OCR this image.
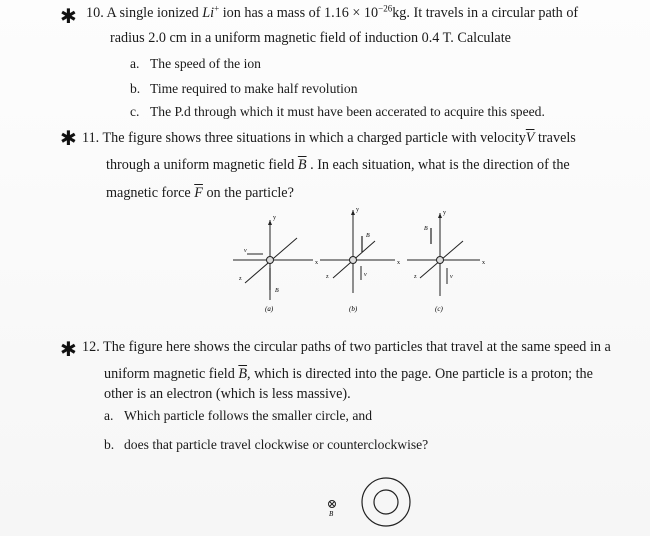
✱ 10. A single ionized Li+ ion has a mass of $1.16 \times 10^{-26}kg$. It travels in a circular path of
radius 2.0 cm in a uniform magnetic field of induction 0.4 T. Calculate
a. The speed of the ion
b. Time required to make half revolution
c. The P.d through which it must have been accerated to acquire this speed.
✱ 11. The figure shows three situations in which a charged particle with $velocity\overline{V}$ travels
through a uniform magnetic field $\overline{B}$ . In each situation, what is the direction of the
magnetic force $\overline{F}$ on the particle?
x	x	x
y
y	y
z	z	z
B
B
B
v
v	v
(a)	(b)	(c)
✱ 12. The figure here shows the circular paths of two particles that travel at the same speed in a
uniform magnetic field $\overline{B}$, which is directed into the page. One particle is a proton; the
other is an electron (which is less massive).
a. Which particle follows the smaller circle, and
b. does that particle travel clockwise or counterclockwise?
B
